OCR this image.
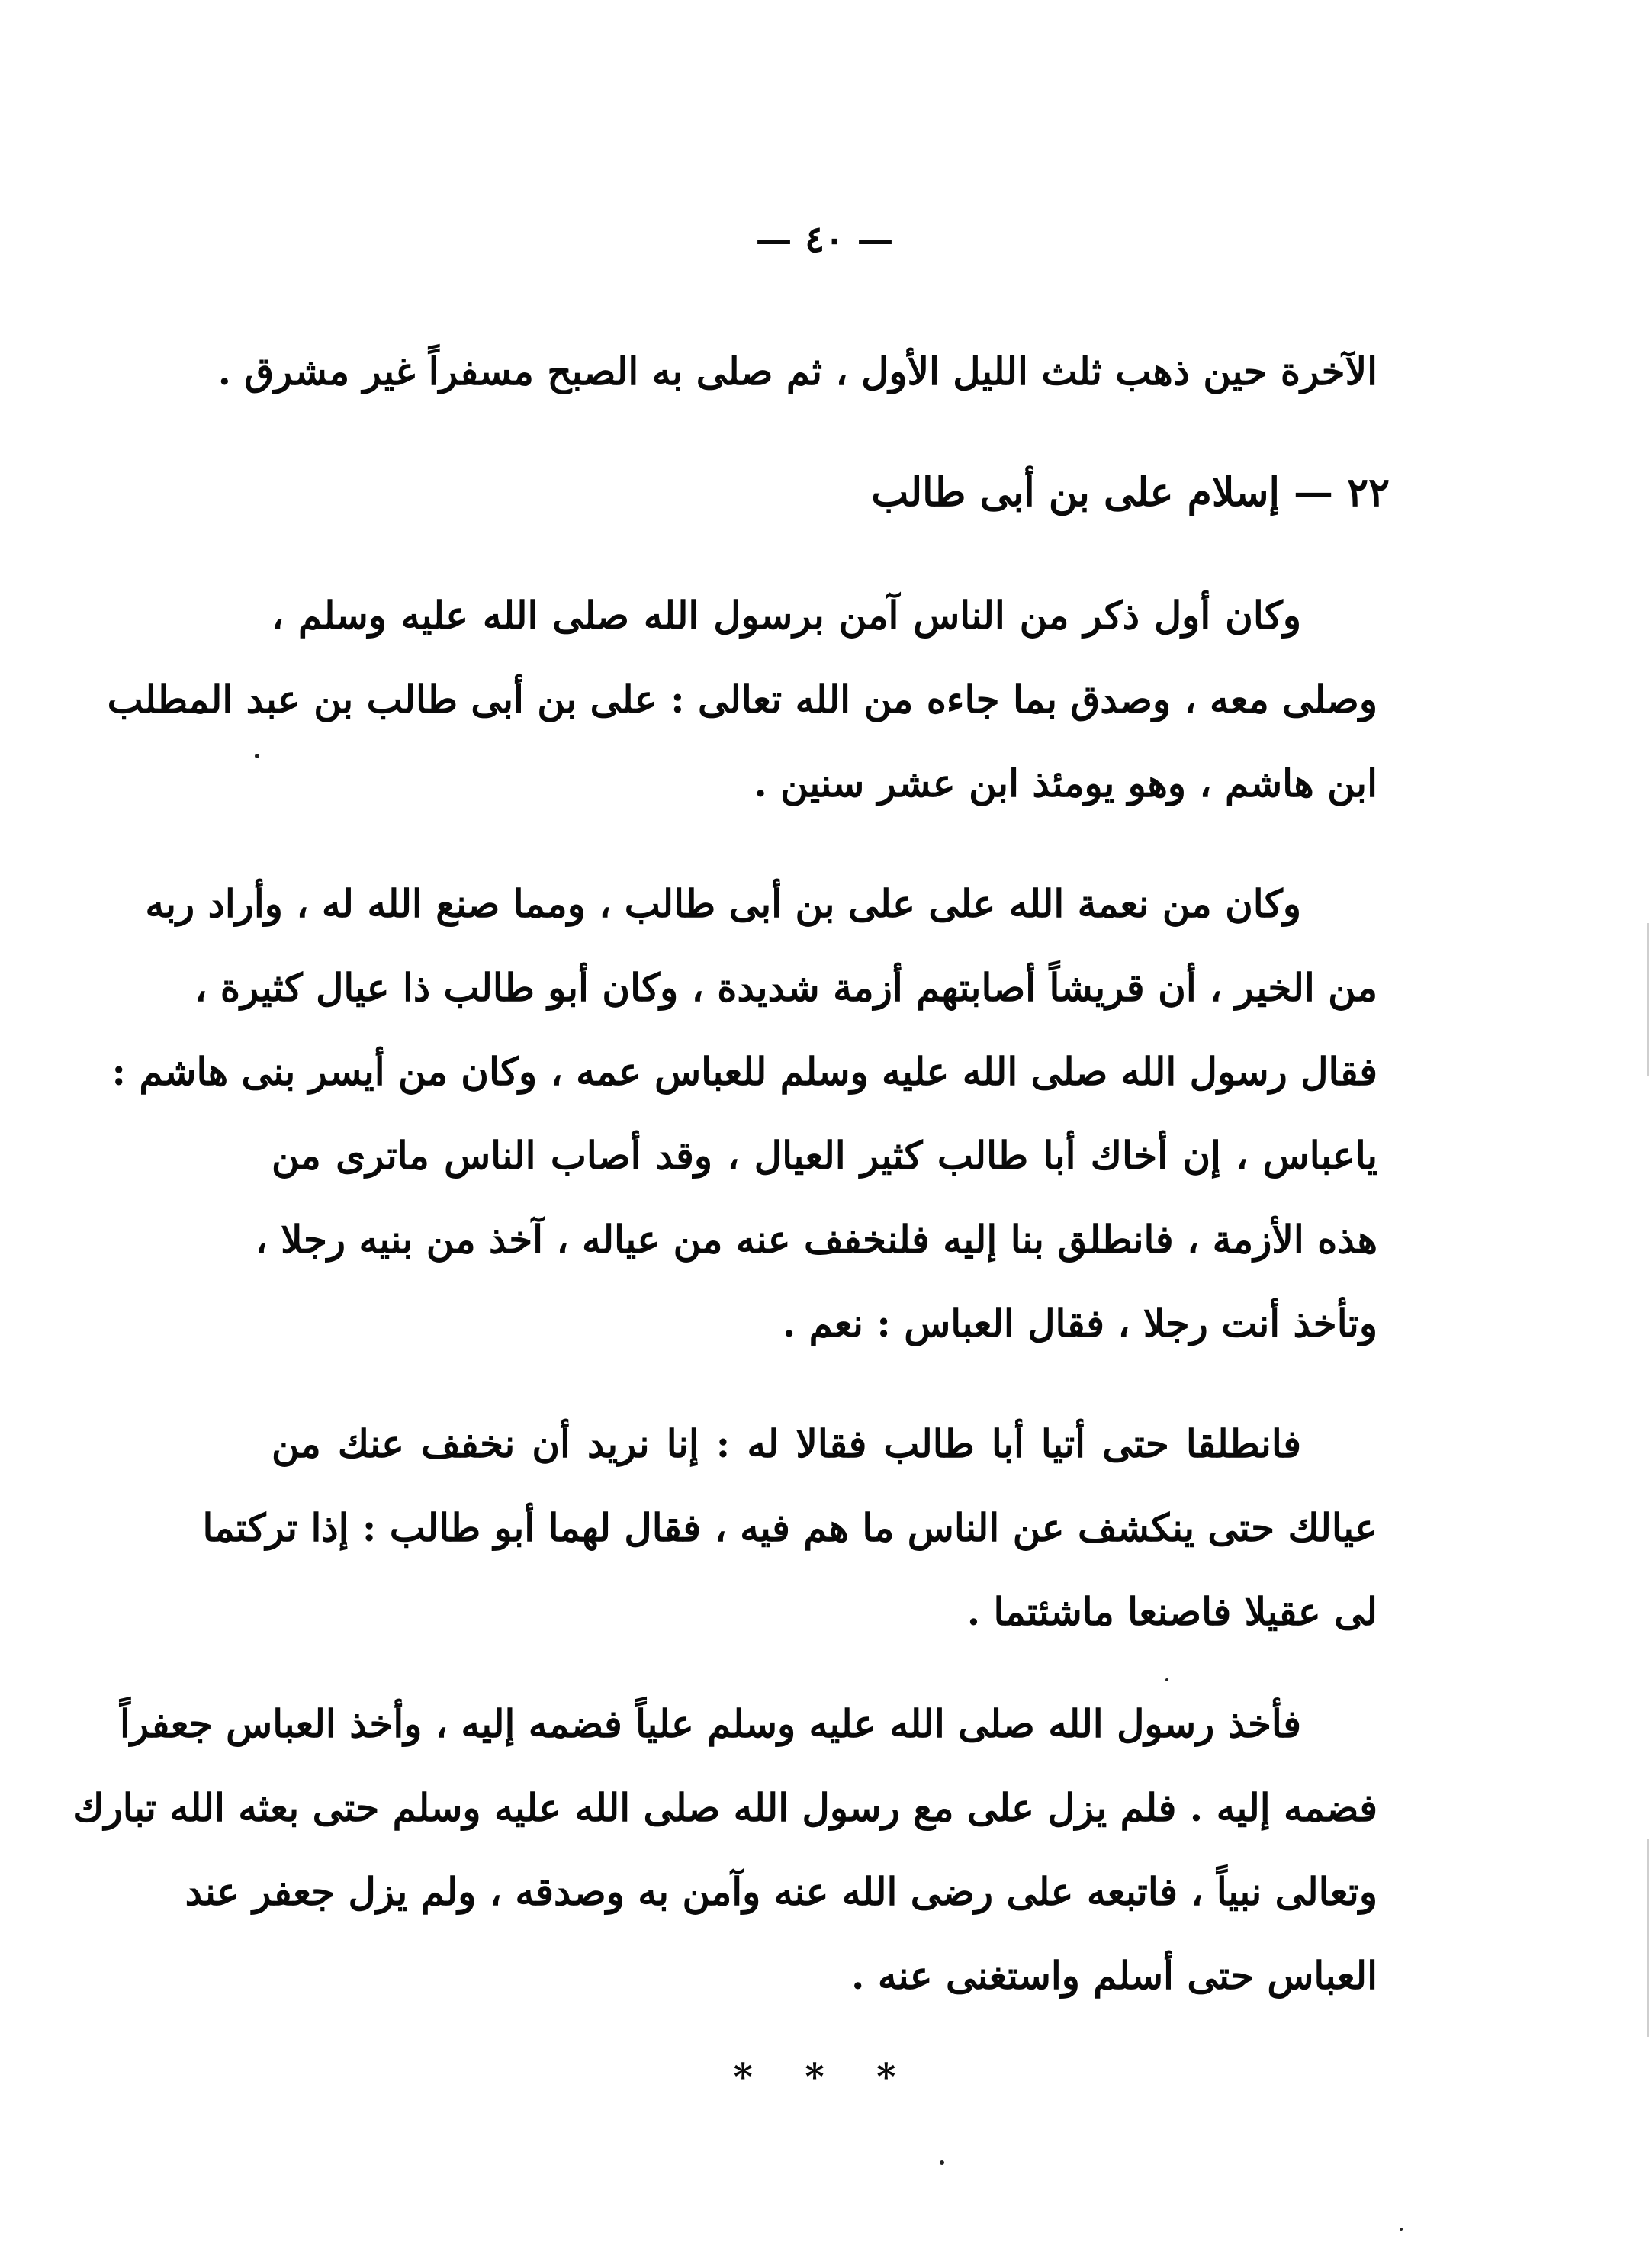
— ٤٠ —
الآخرة حين ذهب ثلث الليل الأول ، ثم صلى به الصبح مسفراً غير مشرق .
٢٢ — إسلام على بن أبى طالب
وكان أول ذكر من الناس آمن برسول الله صلى الله عليه وسلم ،
وصلى معه ، وصدق بما جاءه من الله تعالى : على بن أبى طالب بن عبد المطلب
ابن هاشم ، وهو يومئذ ابن عشر سنين .
وكان من نعمة الله على على بن أبى طالب ، ومما صنع الله له ، وأراد ربه
من الخير ، أن قريشاً أصابتهم أزمة شديدة ، وكان أبو طالب ذا عيال كثيرة ،
فقال رسول الله صلى الله عليه وسلم للعباس عمه ، وكان من أيسر بنى هاشم :
ياعباس ، إن أخاك أبا طالب كثير العيال ، وقد أصاب الناس ماترى من
هذه الأزمة ، فانطلق بنا إليه فلنخفف عنه من عياله ، آخذ من بنيه رجلا ،
وتأخذ أنت رجلا ، فقال العباس : نعم .
فانطلقا حتى أتيا أبا طالب فقالا له : إنا نريد أن نخفف عنك من
عيالك حتى ينكشف عن الناس ما هم فيه ، فقال لهما أبو طالب : إذا تركتما
لى عقيلا فاصنعا ماشئتما .
فأخذ رسول الله صلى الله عليه وسلم علياً فضمه إليه ، وأخذ العباس جعفراً
فضمه إليه . فلم يزل على مع رسول الله صلى الله عليه وسلم حتى بعثه الله تبارك
وتعالى نبياً ، فاتبعه على رضى الله عنه وآمن به وصدقه ، ولم يزل جعفر عند
العباس حتى أسلم واستغنى عنه .
* * *
